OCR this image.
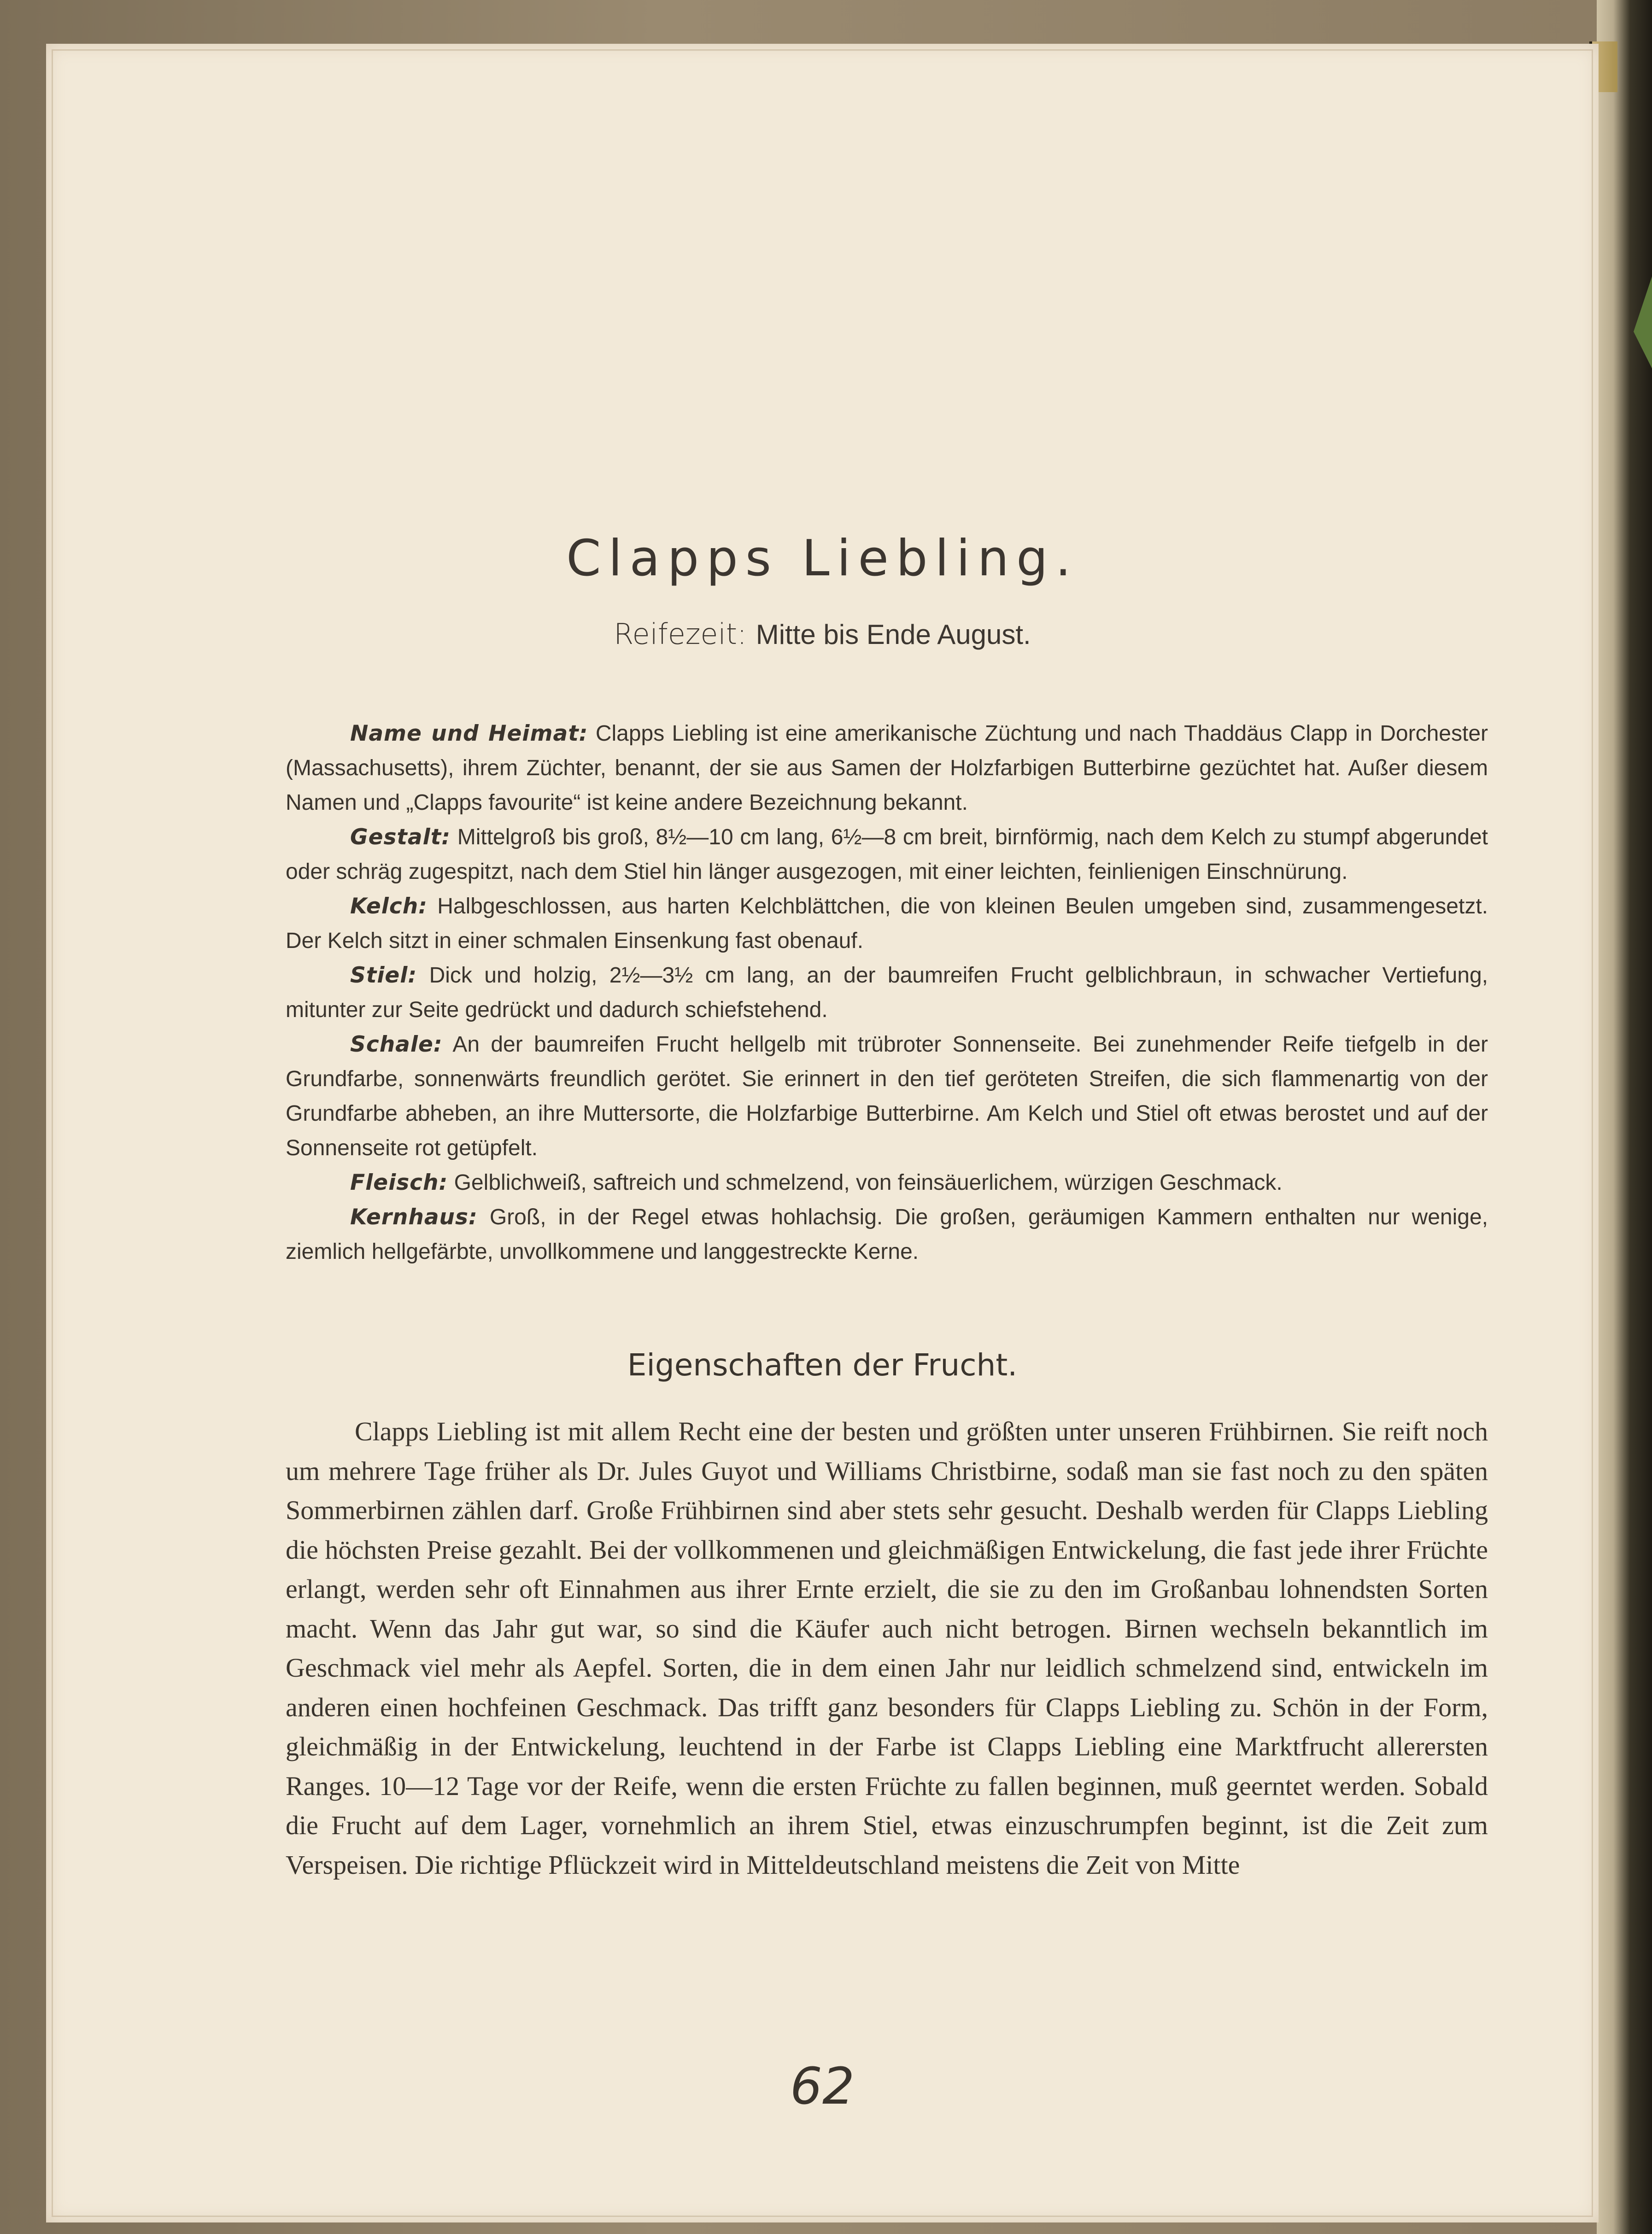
Clapps Liebling.
Reifezeit: Mitte bis Ende August.

Name und Heimat: Clapps Liebling ist eine amerikanische Züchtung und nach Thaddäus Clapp in Dorchester (Massachusetts), ihrem Züchter, benannt, der sie aus Samen der Holzfarbigen Butterbirne gezüchtet hat. Außer diesem Namen und „Clapps favourite“ ist keine andere Bezeichnung bekannt.

Gestalt: Mittelgroß bis groß, 8½—10 cm lang, 6½—8 cm breit, birnförmig, nach dem Kelch zu stumpf abgerundet oder schräg zugespitzt, nach dem Stiel hin länger ausgezogen, mit einer leichten, feinlienigen Einschnürung.

Kelch: Halbgeschlossen, aus harten Kelchblättchen, die von kleinen Beulen umgeben sind, zusammengesetzt. Der Kelch sitzt in einer schmalen Einsenkung fast obenauf.

Stiel: Dick und holzig, 2½—3½ cm lang, an der baumreifen Frucht gelblichbraun, in schwacher Vertiefung, mitunter zur Seite gedrückt und dadurch schiefstehend.

Schale: An der baumreifen Frucht hellgelb mit trübroter Sonnenseite. Bei zunehmender Reife tiefgelb in der Grundfarbe, sonnenwärts freundlich gerötet. Sie erinnert in den tief geröteten Streifen, die sich flammenartig von der Grundfarbe abheben, an ihre Muttersorte, die Holzfarbige Butterbirne. Am Kelch und Stiel oft etwas berostet und auf der Sonnenseite rot getüpfelt.

Fleisch: Gelblichweiß, saftreich und schmelzend, von feinsäuerlichem, würzigen Geschmack.

Kernhaus: Groß, in der Regel etwas hohlachsig. Die großen, geräumigen Kammern enthalten nur wenige, ziemlich hellgefärbte, unvollkommene und langgestreckte Kerne.

Eigenschaften der Frucht.

Clapps Liebling ist mit allem Recht eine der besten und größten unter unseren Frühbirnen. Sie reift noch um mehrere Tage früher als Dr. Jules Guyot und Williams Christbirne, sodaß man sie fast noch zu den späten Sommerbirnen zählen darf. Große Frühbirnen sind aber stets sehr gesucht. Deshalb werden für Clapps Liebling die höchsten Preise gezahlt. Bei der vollkommenen und gleichmäßigen Entwickelung, die fast jede ihrer Früchte erlangt, werden sehr oft Einnahmen aus ihrer Ernte erzielt, die sie zu den im Großanbau lohnendsten Sorten macht. Wenn das Jahr gut war, so sind die Käufer auch nicht betrogen. Birnen wechseln bekanntlich im Geschmack viel mehr als Aepfel. Sorten, die in dem einen Jahr nur leidlich schmelzend sind, entwickeln im anderen einen hochfeinen Geschmack. Das trifft ganz besonders für Clapps Liebling zu. Schön in der Form, gleichmäßig in der Entwickelung, leuchtend in der Farbe ist Clapps Liebling eine Marktfrucht allerersten Ranges. 10—12 Tage vor der Reife, wenn die ersten Früchte zu fallen beginnen, muß geerntet werden. Sobald die Frucht auf dem Lager, vornehmlich an ihrem Stiel, etwas einzuschrumpfen beginnt, ist die Zeit zum Verspeisen. Die richtige Pflückzeit wird in Mitteldeutschland meistens die Zeit von Mitte

62
